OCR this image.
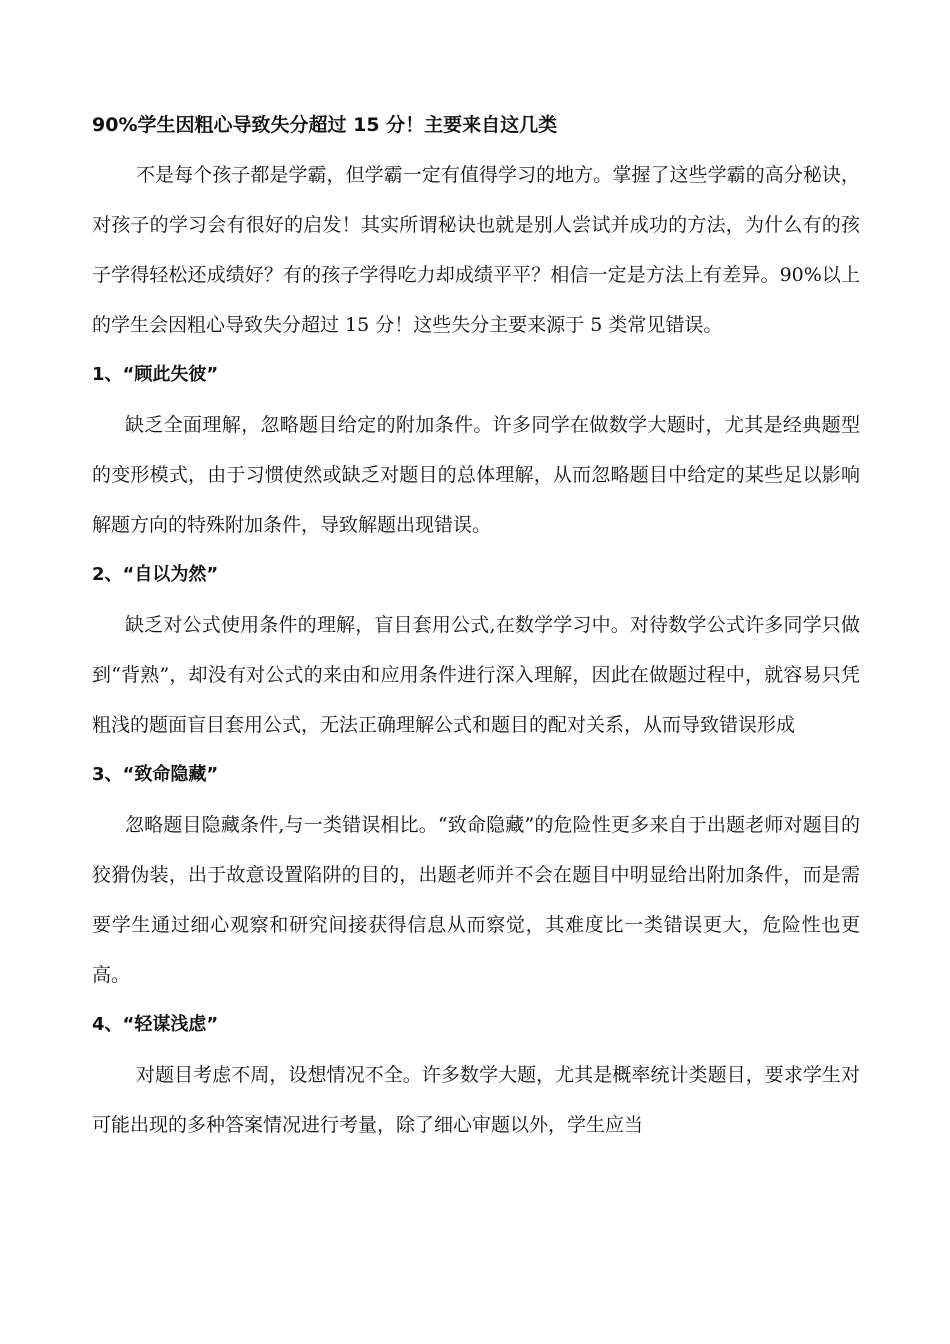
90%学生因粗心导致失分超过 15 分！主要来自这几类

不是每个孩子都是学霸，但学霸一定有值得学习的地方。掌握了这些学霸的高分秘诀，对孩子的学习会有很好的启发！其实所谓秘诀也就是别人尝试并成功的方法，为什么有的孩子学得轻松还成绩好？有的孩子学得吃力却成绩平平？相信一定是方法上有差异。90%以上的学生会因粗心导致失分超过 15 分！这些失分主要来源于 5 类常见错误。

1、“顾此失彼”

缺乏全面理解，忽略题目给定的附加条件。许多同学在做数学大题时，尤其是经典题型的变形模式，由于习惯使然或缺乏对题目的总体理解，从而忽略题目中给定的某些足以影响解题方向的特殊附加条件，导致解题出现错误。

2、“自以为然”

缺乏对公式使用条件的理解，盲目套用公式,在数学学习中。对待数学公式许多同学只做到“背熟”，却没有对公式的来由和应用条件进行深入理解，因此在做题过程中，就容易只凭粗浅的题面盲目套用公式，无法正确理解公式和题目的配对关系，从而导致错误形成

3、“致命隐藏”

忽略题目隐藏条件,与一类错误相比。“致命隐藏”的危险性更多来自于出题老师对题目的狡猾伪装，出于故意设置陷阱的目的，出题老师并不会在题目中明显给出附加条件，而是需要学生通过细心观察和研究间接获得信息从而察觉，其难度比一类错误更大，危险性也更高。

4、“轻谋浅虑”

对题目考虑不周，设想情况不全。许多数学大题，尤其是概率统计类题目，要求学生对可能出现的多种答案情况进行考量，除了细心审题以外，学生应当
